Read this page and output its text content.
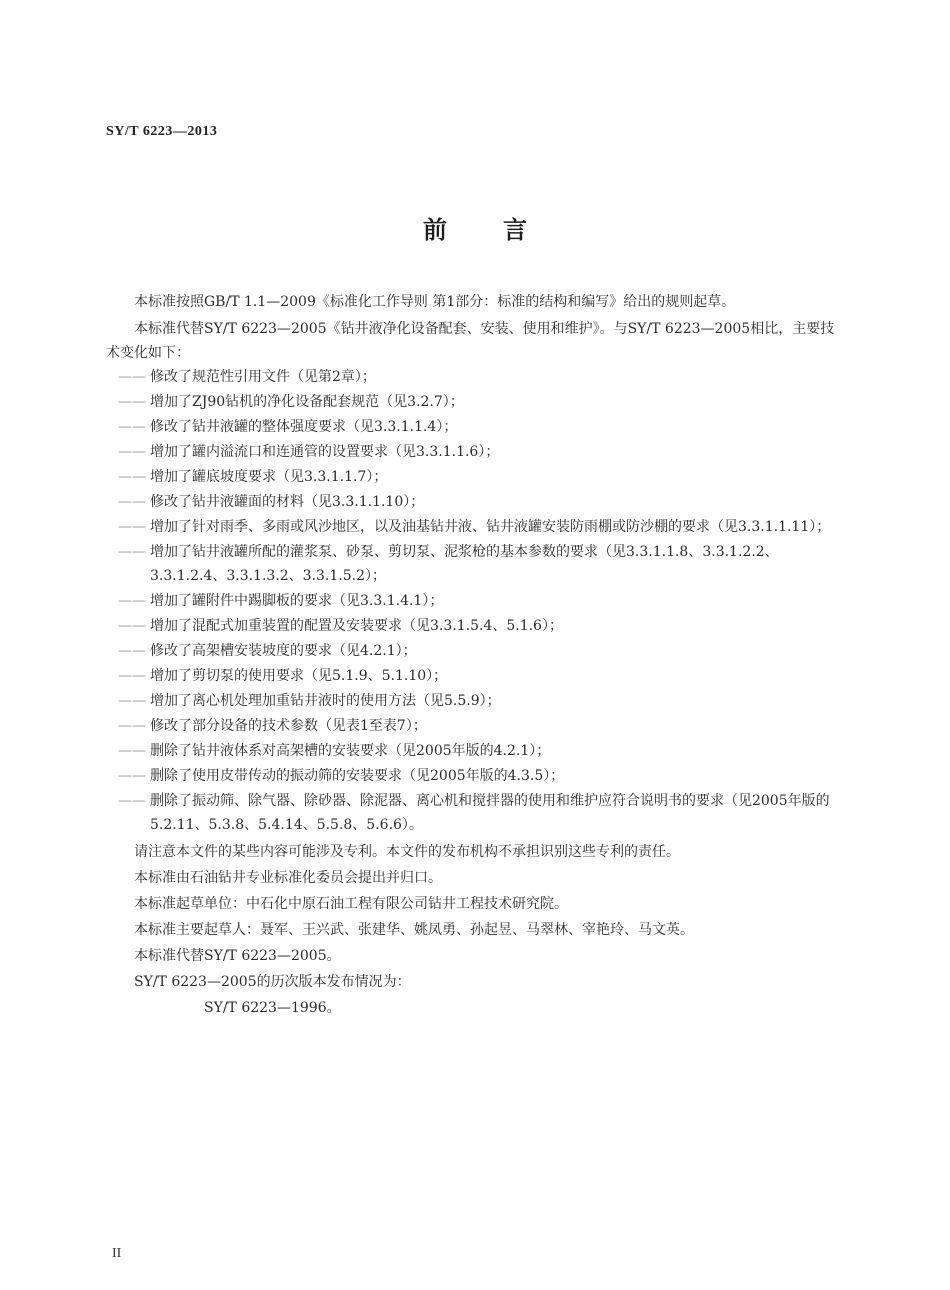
SY/T 6223—2013
前言

本标准按照GB/T 1.1—2009《标准化工作导则 第1部分：标准的结构和编写》给出的规则起草。

本标准代替SY/T 6223—2005《钻井液净化设备配套、安装、使用和维护》。与SY/T 6223—2005相比，主要技术变化如下：

—— 修改了规范性引用文件（见第2章）；
—— 增加了ZJ90钻机的净化设备配套规范（见3.2.7）；
—— 修改了钻井液罐的整体强度要求（见3.3.1.1.4）；
—— 增加了罐内溢流口和连通管的设置要求（见3.3.1.1.6）；
—— 增加了罐底坡度要求（见3.3.1.1.7）；
—— 修改了钻井液罐面的材料（见3.3.1.1.10）；
—— 增加了针对雨季、多雨或风沙地区，以及油基钻井液、钻井液罐安装防雨棚或防沙棚的要求（见3.3.1.1.11）；
—— 增加了钻井液罐所配的灌浆泵、砂泵、剪切泵、泥浆枪的基本参数的要求（见3.3.1.1.8、3.3.1.2.2、3.3.1.2.4、3.3.1.3.2、3.3.1.5.2）；
—— 增加了罐附件中踢脚板的要求（见3.3.1.4.1）；
—— 增加了混配式加重装置的配置及安装要求（见3.3.1.5.4、5.1.6）；
—— 修改了高架槽安装坡度的要求（见4.2.1）；
—— 增加了剪切泵的使用要求（见5.1.9、5.1.10）；
—— 增加了离心机处理加重钻井液时的使用方法（见5.5.9）；
—— 修改了部分设备的技术参数（见表1至表7）；
—— 删除了钻井液体系对高架槽的安装要求（见2005年版的4.2.1）；
—— 删除了使用皮带传动的振动筛的安装要求（见2005年版的4.3.5）；
—— 删除了振动筛、除气器、除砂器、除泥器、离心机和搅拌器的使用和维护应符合说明书的要求（见2005年版的5.2.11、5.3.8、5.4.14、5.5.8、5.6.6）。

请注意本文件的某些内容可能涉及专利。本文件的发布机构不承担识别这些专利的责任。

本标准由石油钻井专业标准化委员会提出并归口。

本标准起草单位：中石化中原石油工程有限公司钻井工程技术研究院。

本标准主要起草人：聂军、王兴武、张建华、姚凤勇、孙起昱、马翠林、宰艳玲、马文英。

本标准代替SY/T 6223—2005。

SY/T 6223—2005的历次版本发布情况为：

SY/T 6223—1996。

II
